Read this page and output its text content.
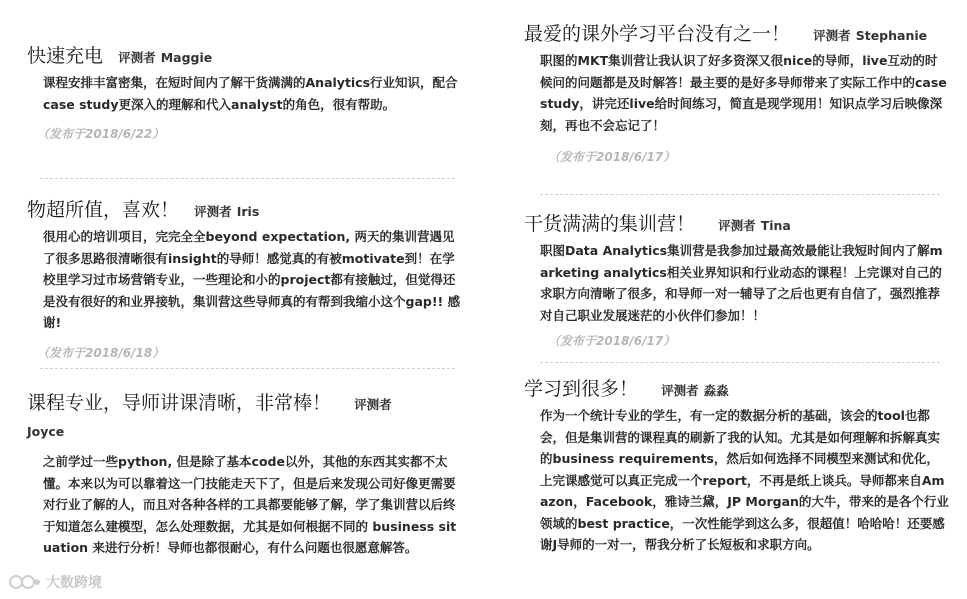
快速充电 评测者 Maggie
课程安排丰富密集，在短时间内了解干货满满的Analytics行业知识，配合case study更深入的理解和代入analyst的角色，很有帮助。
（发布于2018/6/22）
物超所值，喜欢！ 评测者 Iris
很用心的培训项目，完完全全beyond expectation, 两天的集训营遇见了很多思路很清晰很有insight的导师！感觉真的有被motivate到！在学校里学习过市场营销专业，一些理论和小的project都有接触过，但觉得还是没有很好的和业界接轨，集训营这些导师真的有帮到我缩小这个gap!! 感谢!
（发布于2018/6/18）
课程专业，导师讲课清晰，非常棒！ 评测者
Joyce
之前学过一些python, 但是除了基本code以外，其他的东西其实都不太懂。本来以为可以靠着这一门技能走天下了，但是后来发现公司好像更需要对行业了解的人，而且对各种各样的工具都要能够了解，学了集训营以后终于知道怎么建模型，怎么处理数据，尤其是如何根据不同的 business situation 来进行分析！导师也都很耐心，有什么问题也很愿意解答。
最爱的课外学习平台没有之一！ 评测者 Stephanie
职图的MKT集训营让我认识了好多资深又很nice的导师，live互动的时候问的问题都是及时解答！最主要的是好多导师带来了实际工作中的case study，讲完还live给时间练习，简直是现学现用！知识点学习后映像深刻，再也不会忘记了！
（发布于2018/6/17）
干货满满的集训营！ 评测者 Tina
职图Data Analytics集训营是我参加过最高效最能让我短时间内了解marketing analytics相关业界知识和行业动态的课程！上完课对自己的求职方向清晰了很多，和导师一对一辅导了之后也更有自信了，强烈推荐对自己职业发展迷茫的小伙伴们参加！！
（发布于2018/6/17）
学习到很多！ 评测者 淼淼
作为一个统计专业的学生，有一定的数据分析的基础，该会的tool也都会，但是集训营的课程真的刷新了我的认知。尤其是如何理解和拆解真实的business requirements，然后如何选择不同模型来测试和优化，上完课感觉可以真正完成一个report，不再是纸上谈兵。导师都来自Amazon，Facebook，雅诗兰黛，JP Morgan的大牛，带来的是各个行业领域的best practice，一次性能学到这么多，很超值！哈哈哈！还要感谢J导师的一对一，帮我分析了长短板和求职方向。
大数跨境
